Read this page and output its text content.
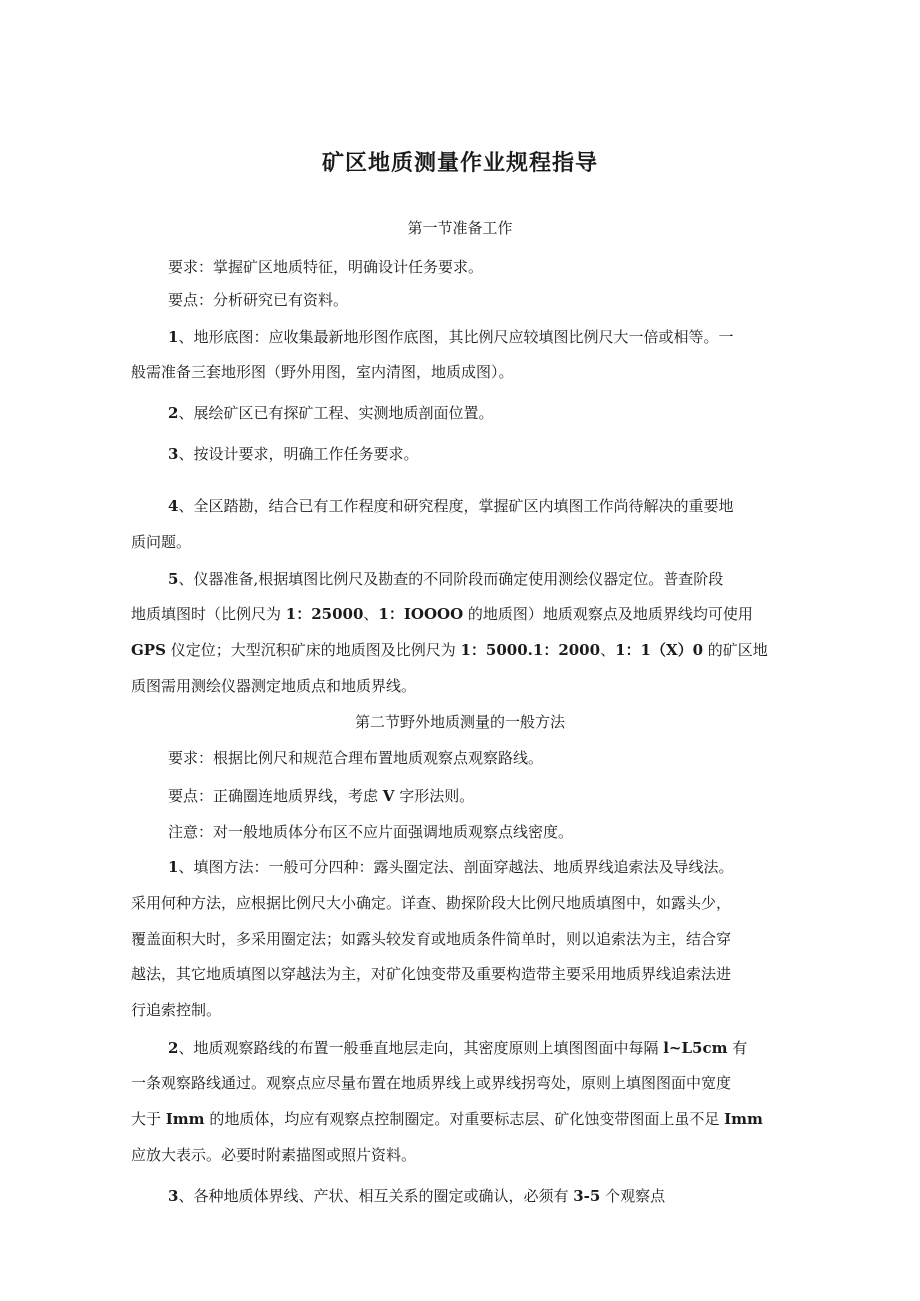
矿区地质测量作业规程指导
第一节准备工作
要求：掌握矿区地质特征，明确设计任务要求。
要点：分析研究已有资料。
1、地形底图：应收集最新地形图作底图，其比例尺应较填图比例尺大一倍或相等。一
般需准备三套地形图（野外用图，室内清图，地质成图）。
2、展绘矿区已有探矿工程、实测地质剖面位置。
3、按设计要求，明确工作任务要求。
4、全区踏勘，结合已有工作程度和研究程度，掌握矿区内填图工作尚待解决的重要地
质问题。
5、仪器准备,根据填图比例尺及勘查的不同阶段而确定使用测绘仪器定位。普查阶段
地质填图时（比例尺为 1：25000、1：IOOOO 的地质图）地质观察点及地质界线均可使用
GPS 仪定位；大型沉积矿床的地质图及比例尺为 1：5000.1：2000、1：1（X）0 的矿区地
质图需用测绘仪器测定地质点和地质界线。
第二节野外地质测量的一般方法
要求：根据比例尺和规范合理布置地质观察点观察路线。
要点：正确圈连地质界线，考虑 V 字形法则。
注意：对一般地质体分布区不应片面强调地质观察点线密度。
1、填图方法：一般可分四种：露头圈定法、剖面穿越法、地质界线追索法及导线法。
采用何种方法，应根据比例尺大小确定。详查、勘探阶段大比例尺地质填图中，如露头少，
覆盖面积大时，多采用圈定法；如露头较发育或地质条件简单时，则以追索法为主，结合穿
越法，其它地质填图以穿越法为主，对矿化蚀变带及重要构造带主要采用地质界线追索法进
行追索控制。
2、地质观察路线的布置一般垂直地层走向，其密度原则上填图图面中每隔 l~L5cm 有
一条观察路线通过。观察点应尽量布置在地质界线上或界线拐弯处，原则上填图图面中宽度
大于 Imm 的地质体，均应有观察点控制圈定。对重要标志层、矿化蚀变带图面上虽不足 Imm
应放大表示。必要时附素描图或照片资料。
3、各种地质体界线、产状、相互关系的圈定或确认，必须有 3-5 个观察点
